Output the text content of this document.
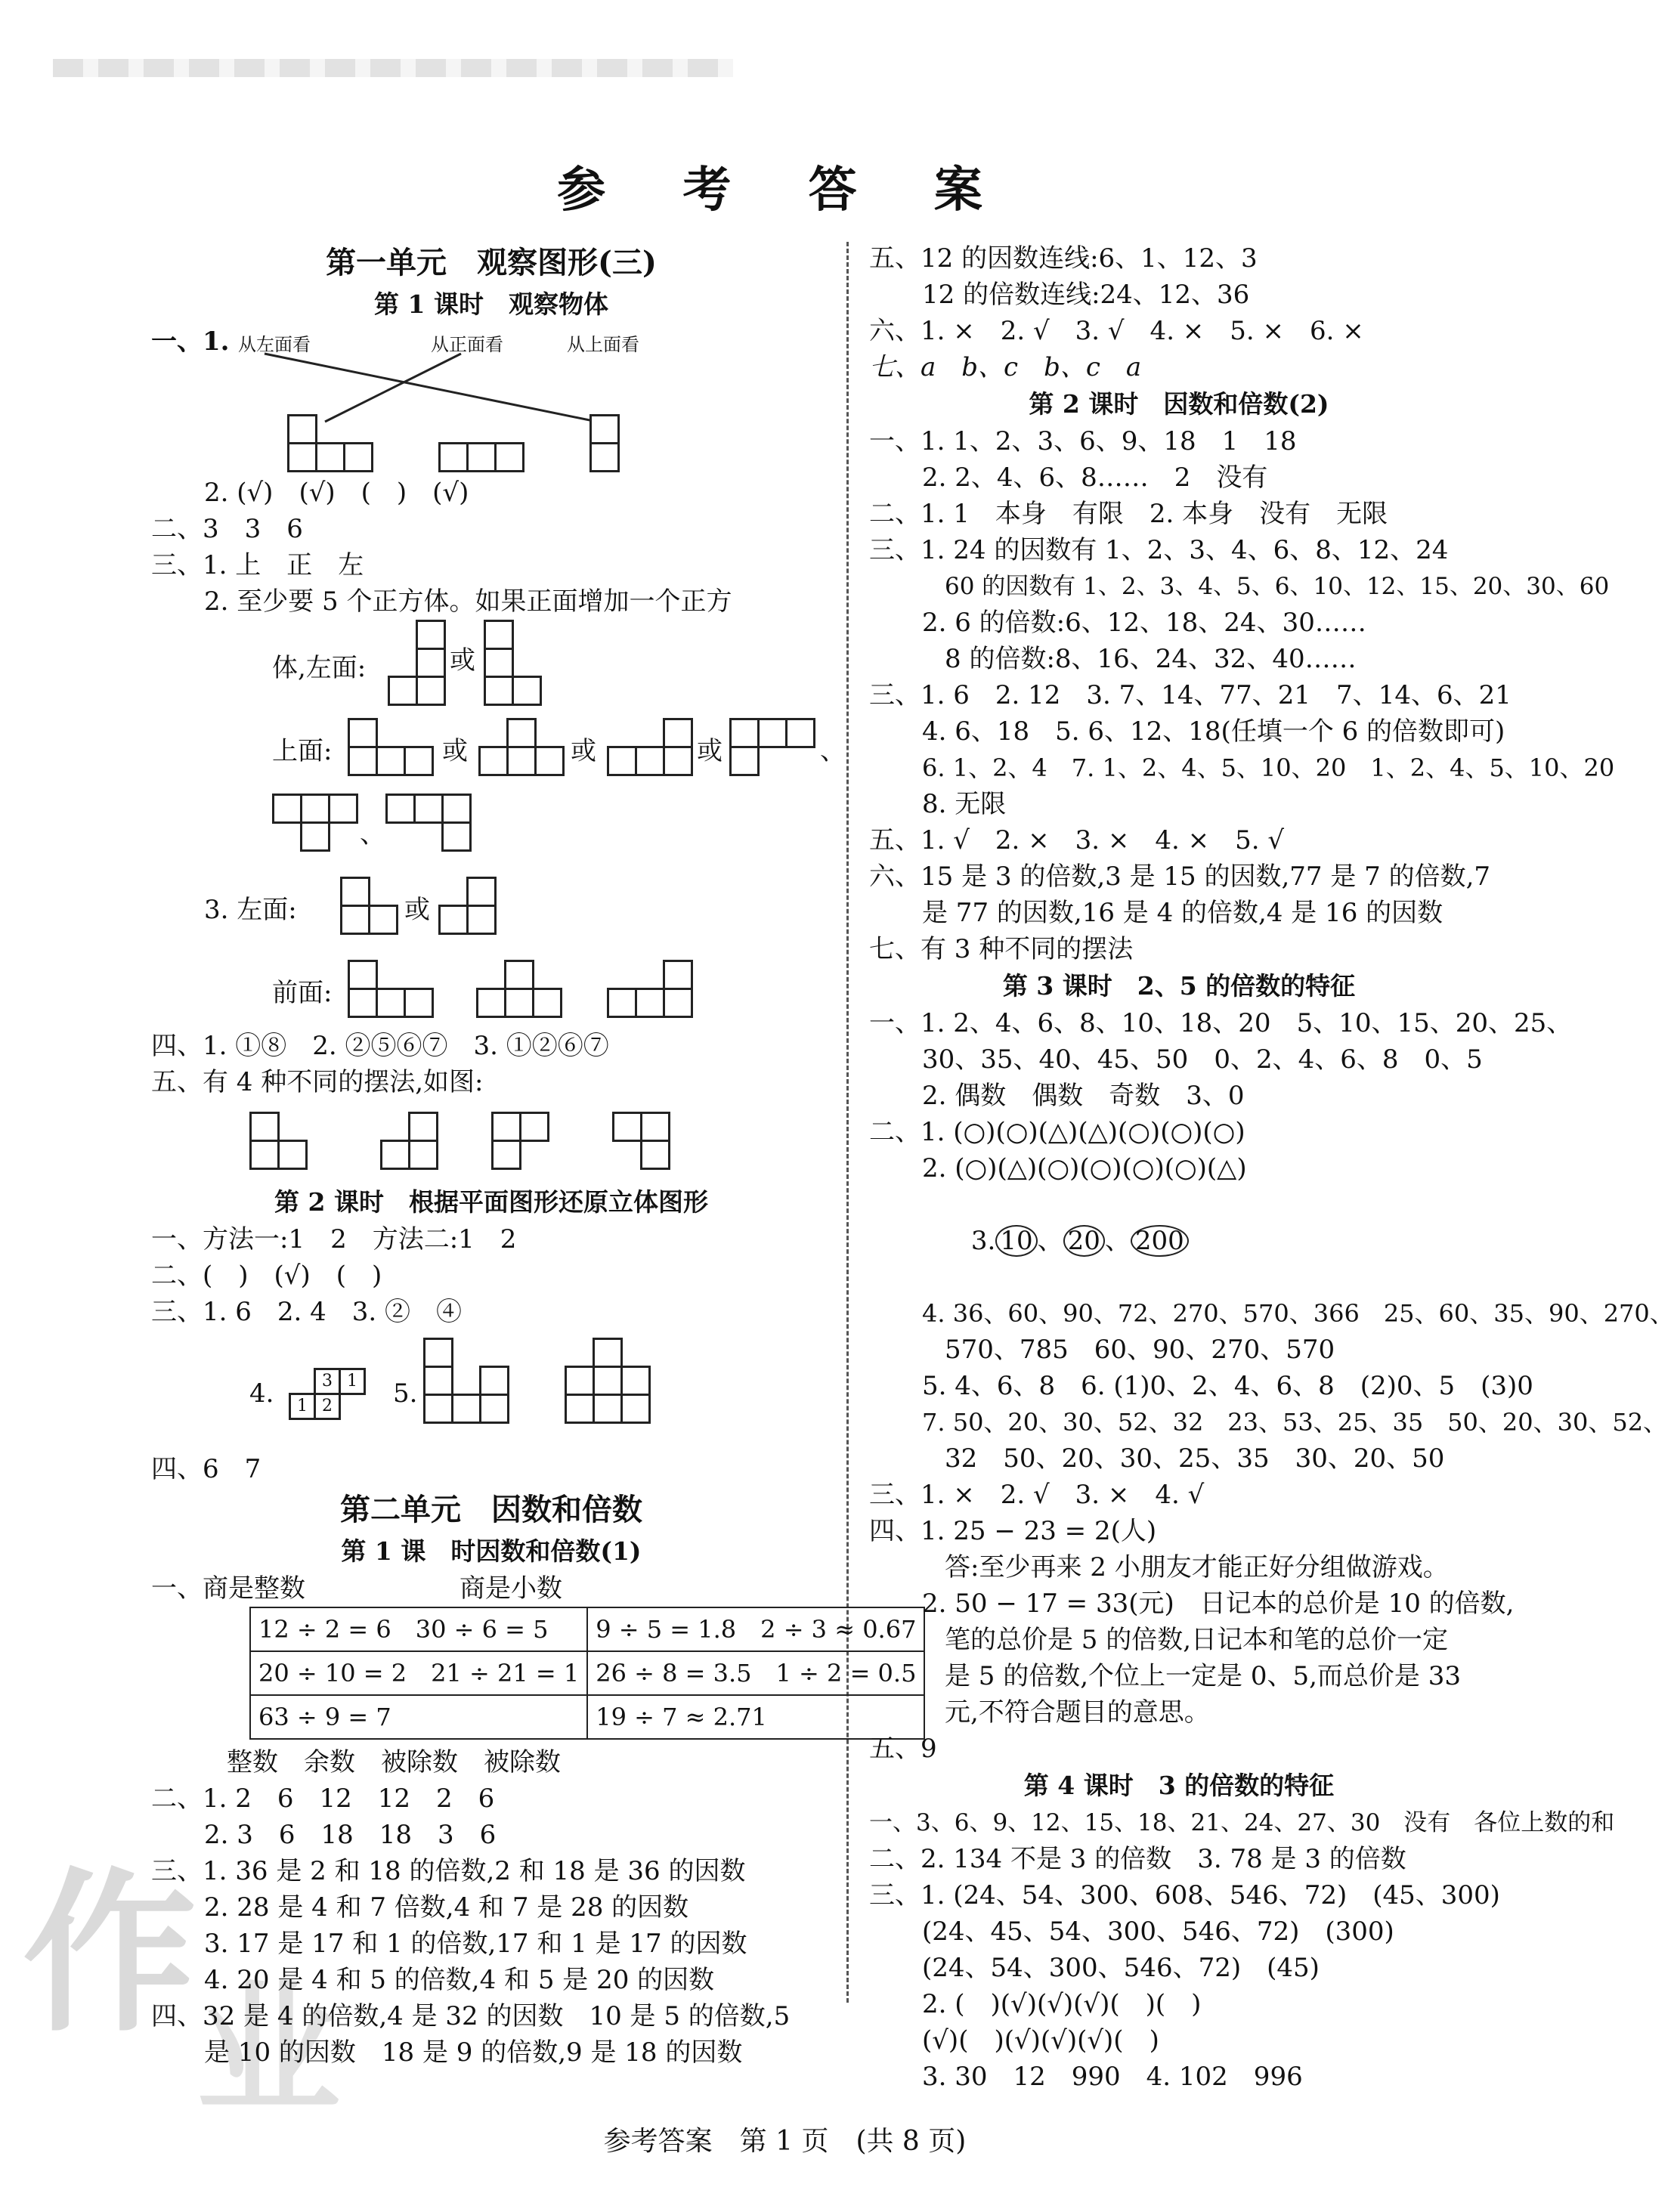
作
业
参 考 答 案
第一单元　观察图形(三)
第 1 课时　观察物体
一、1. 从左面看	从正面看	从上面看
2. (√)　(√)　(　)　(√)
二、3　3　6
三、1. 上　正　左
2. 至少要 5 个正方体。如果正面增加一个正方
体,左面:	或
上面:	或	或	或	、
、
3. 左面:	或
前面:
四、1. ①⑧　2. ②⑤⑥⑦　3. ①②⑥⑦
五、有 4 种不同的摆法,如图:
第 2 课时　根据平面图形还原立体图形
一、方法一:1　2　方法二:1　2
二、(　)　(√)　(　)
三、1. 6　2. 4　3. ②　④
4.	3 1
1 2	5.
四、6　7
第二单元　因数和倍数
第 1 课　时因数和倍数(1)
一、商是整数　　　　　　商是小数
12 ÷ 2 = 6　30 ÷ 6 = 5	9 ÷ 5 = 1.8　2 ÷ 3 ≈ 0.67
20 ÷ 10 = 2　21 ÷ 21 = 1	26 ÷ 8 = 3.5　1 ÷ 2 = 0.5
63 ÷ 9 = 7	19 ÷ 7 ≈ 2.71
整数　余数　被除数　被除数
二、1. 2　6　12　12　2　6
2. 3　6　18　18　3　6
三、1. 36 是 2 和 18 的倍数,2 和 18 是 36 的因数
2. 28 是 4 和 7 倍数,4 和 7 是 28 的因数
3. 17 是 17 和 1 的倍数,17 和 1 是 17 的因数
4. 20 是 4 和 5 的倍数,4 和 5 是 20 的因数
四、32 是 4 的倍数,4 是 32 的因数　10 是 5 的倍数,5
是 10 的因数　18 是 9 的倍数,9 是 18 的因数
五、12 的因数连线:6、1、12、3
12 的倍数连线:24、12、36
六、1. ×　2. √　3. √　4. ×　5. ×　6. ×
七、a　b、c　b、c　a
第 2 课时　因数和倍数(2)
一、1. 1、2、3、6、9、18　1　18
2. 2、4、6、8……　2　没有
二、1. 1　本身　有限　2. 本身　没有　无限
三、1. 24 的因数有 1、2、3、4、6、8、12、24
60 的因数有 1、2、3、4、5、6、10、12、15、20、30、60
2. 6 的倍数:6、12、18、24、30……
8 的倍数:8、16、24、32、40……
三、1. 6　2. 12　3. 7、14、77、21　7、14、6、21
4. 6、18　5. 6、12、18(任填一个 6 的倍数即可)
6. 1、2、4　7. 1、2、4、5、10、20　1、2、4、5、10、20
8. 无限
五、1. √　2. ×　3. ×　4. ×　5. √
六、15 是 3 的倍数,3 是 15 的因数,77 是 7 的倍数,7
是 77 的因数,16 是 4 的倍数,4 是 16 的因数
七、有 3 种不同的摆法
第 3 课时　2、5 的倍数的特征
一、1. 2、4、6、8、10、18、20　5、10、15、20、25、
30、35、40、45、50　0、2、4、6、8　0、5
2. 偶数　偶数　奇数　3、0
二、1. (○)(○)(△)(△)(○)(○)(○)
2. (○)(△)(○)(○)(○)(○)(△)

3. 10 、 20 、 200

4. 36、60、90、72、270、570、366　25、60、35、90、270、
570、785　60、90、270、570
5. 4、6、8　6. (1)0、2、4、6、8　(2)0、5　(3)0
7. 50、20、30、52、32　23、53、25、35　50、20、30、52、
32　50、20、30、25、35　30、20、50
三、1. ×　2. √　3. ×　4. √
四、1. 25 − 23 = 2(人)
答:至少再来 2 小朋友才能正好分组做游戏。
2. 50 − 17 = 33(元)　日记本的总价是 10 的倍数,
笔的总价是 5 的倍数,日记本和笔的总价一定
是 5 的倍数,个位上一定是 0、5,而总价是 33
元,不符合题目的意思。
五、9
第 4 课时　3 的倍数的特征
一、3、6、9、12、15、18、21、24、27、30　没有　各位上数的和
二、2. 134 不是 3 的倍数　3. 78 是 3 的倍数
三、1. (24、54、300、608、546、72)　(45、300)
(24、45、54、300、546、72)　(300)
(24、54、300、546、72)　(45)
2. (　)(√)(√)(√)(　)(　)
(√)(　)(√)(√)(√)(　)
3. 30　12　990　4. 102　996
参考答案　第 1 页　(共 8 页)
